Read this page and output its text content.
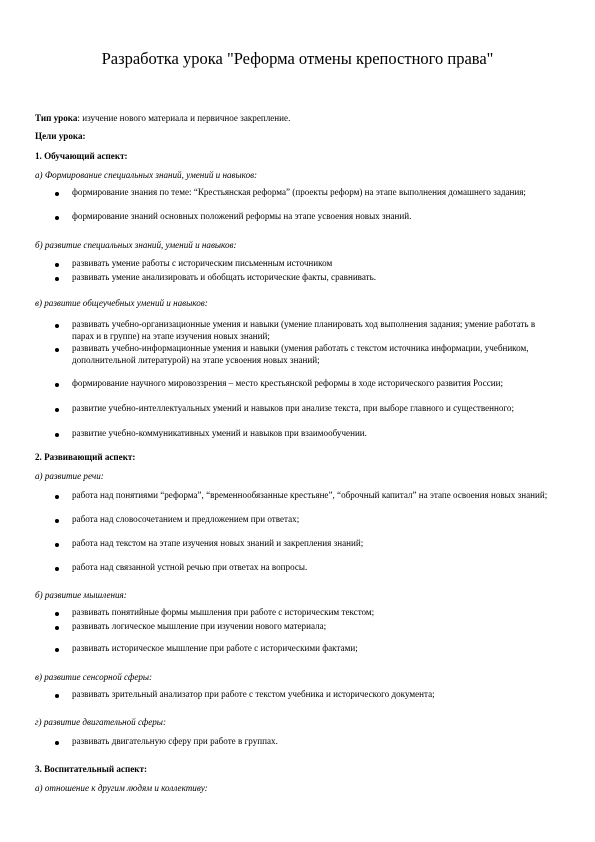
Разработка урока "Реформа отмены крепостного права"
Тип урока: изучение нового материала и первичное закрепление.
Цели урока:
1. Обучающий аспект:
а) Формирование специальных знаний, умений и навыков:
формирование знания по теме: “Крестьянская реформа” (проекты реформ) на этапе выполнения домашнего задания;
формирование знаний основных положений реформы на этапе усвоения новых знаний.
б) развитие специальных знаний, умений и навыков:
развивать умение работы с историческим письменным источником
развивать умение анализировать и обобщать исторические факты, сравнивать.
в) развитие общеучебных умений и навыков:
развивать учебно-организационные умения и навыки (умение планировать ход выполнения задания; умение работать в парах и в группе) на этапе изучения новых знаний;
развивать учебно-информационные умения и навыки (умения работать с текстом источника информации, учебником, дополнительной литературой) на этапе усвоения новых знаний;
формирование научного мировоззрения – место крестьянской реформы в ходе исторического развития России;
развитие учебно-интеллектуальных умений и навыков при анализе текста, при выборе главного и существенного;
развитие учебно-коммуникативных умений и навыков при взаимообучении.
2. Развивающий аспект:
а) развитие речи:
работа над понятиями “реформа”, “временнообязанные крестьяне”, “оброчный капитал” на этапе освоения новых знаний;
работа над словосочетанием и предложением при ответах;
работа над текстом на этапе изучения новых знаний и закрепления знаний;
работа над связанной устной речью при ответах на вопросы.
б) развитие мышления:
развивать понятийные формы мышления при работе с историческим текстом;
развивать логическое мышление при изучении нового материала;
развивать историческое мышление при работе с историческими фактами;
в) развитие сенсорной сферы:
развивать зрительный анализатор при работе с текстом учебника и исторического документа;
г) развитие двигательной сферы:
развивать двигательную сферу при работе в группах.
3. Воспитательный аспект:
а) отношение к другим людям и коллективу:
